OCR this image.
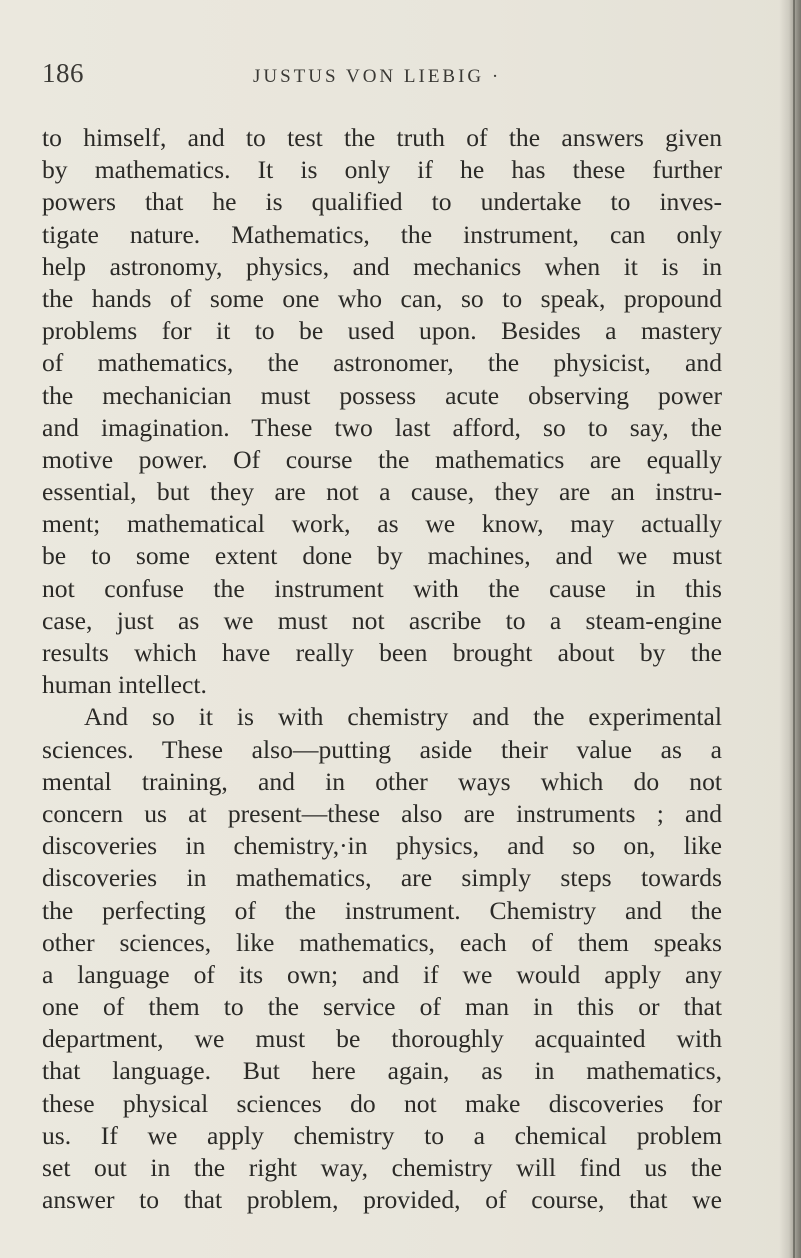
186	JUSTUS VON LIEBIG ·
to himself, and to test the truth of the answers given
by mathematics. It is only if he has these further
powers that he is qualified to undertake to inves-
tigate nature. Mathematics, the instrument, can only
help astronomy, physics, and mechanics when it is in
the hands of some one who can, so to speak, propound
problems for it to be used upon. Besides a mastery
of mathematics, the astronomer, the physicist, and
the mechanician must possess acute observing power
and imagination. These two last afford, so to say, the
motive power. Of course the mathematics are equally
essential, but they are not a cause, they are an instru-
ment; mathematical work, as we know, may actually
be to some extent done by machines, and we must
not confuse the instrument with the cause in this
case, just as we must not ascribe to a steam-engine
results which have really been brought about by the
human intellect.
And so it is with chemistry and the experimental
sciences. These also—putting aside their value as a
mental training, and in other ways which do not
concern us at present—these also are instruments ; and
discoveries in chemistry,·in physics, and so on, like
discoveries in mathematics, are simply steps towards
the perfecting of the instrument. Chemistry and the
other sciences, like mathematics, each of them speaks
a language of its own; and if we would apply any
one of them to the service of man in this or that
department, we must be thoroughly acquainted with
that language. But here again, as in mathematics,
these physical sciences do not make discoveries for
us. If we apply chemistry to a chemical problem
set out in the right way, chemistry will find us the
answer to that problem, provided, of course, that we
